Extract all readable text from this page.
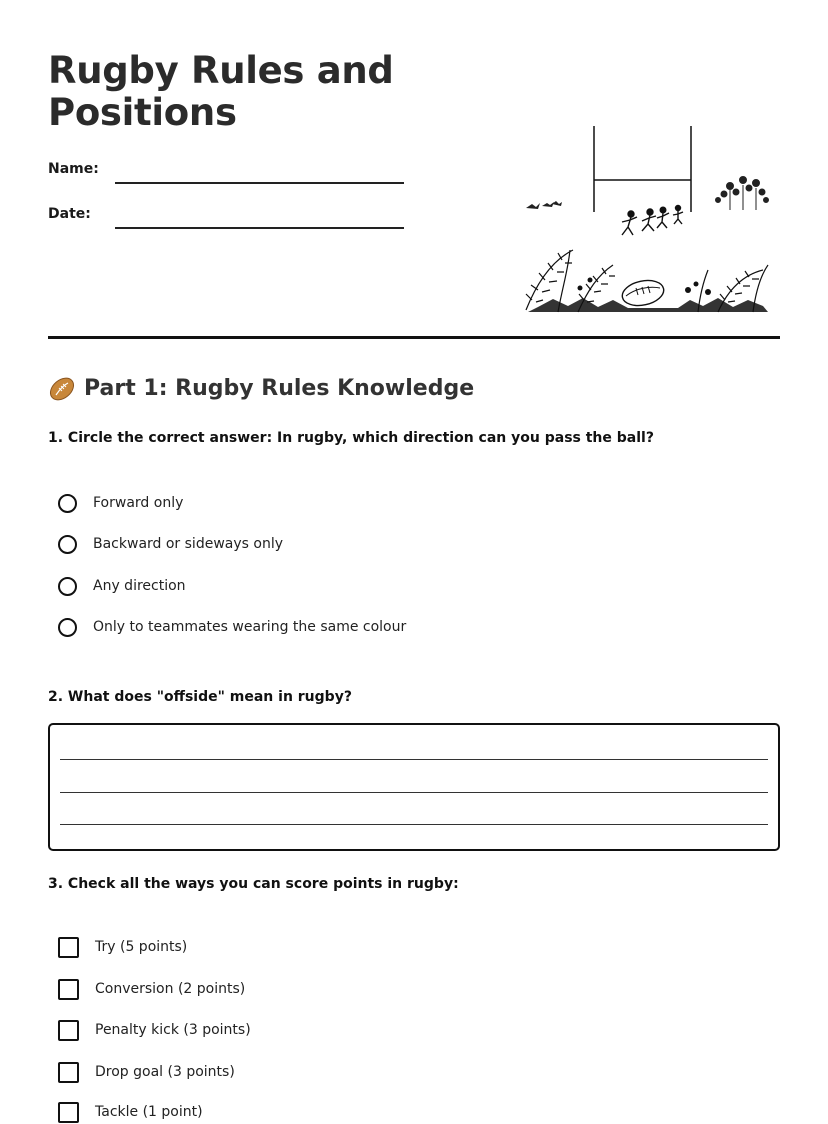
Rugby Rules and Positions
Name:
Date:
Part 1: Rugby Rules Knowledge
1. Circle the correct answer: In rugby, which direction can you pass the ball?
Forward only
Backward or sideways only
Any direction
Only to teammates wearing the same colour
2. What does "offside" mean in rugby?
3. Check all the ways you can score points in rugby:
Try (5 points)
Conversion (2 points)
Penalty kick (3 points)
Drop goal (3 points)
Tackle (1 point)
